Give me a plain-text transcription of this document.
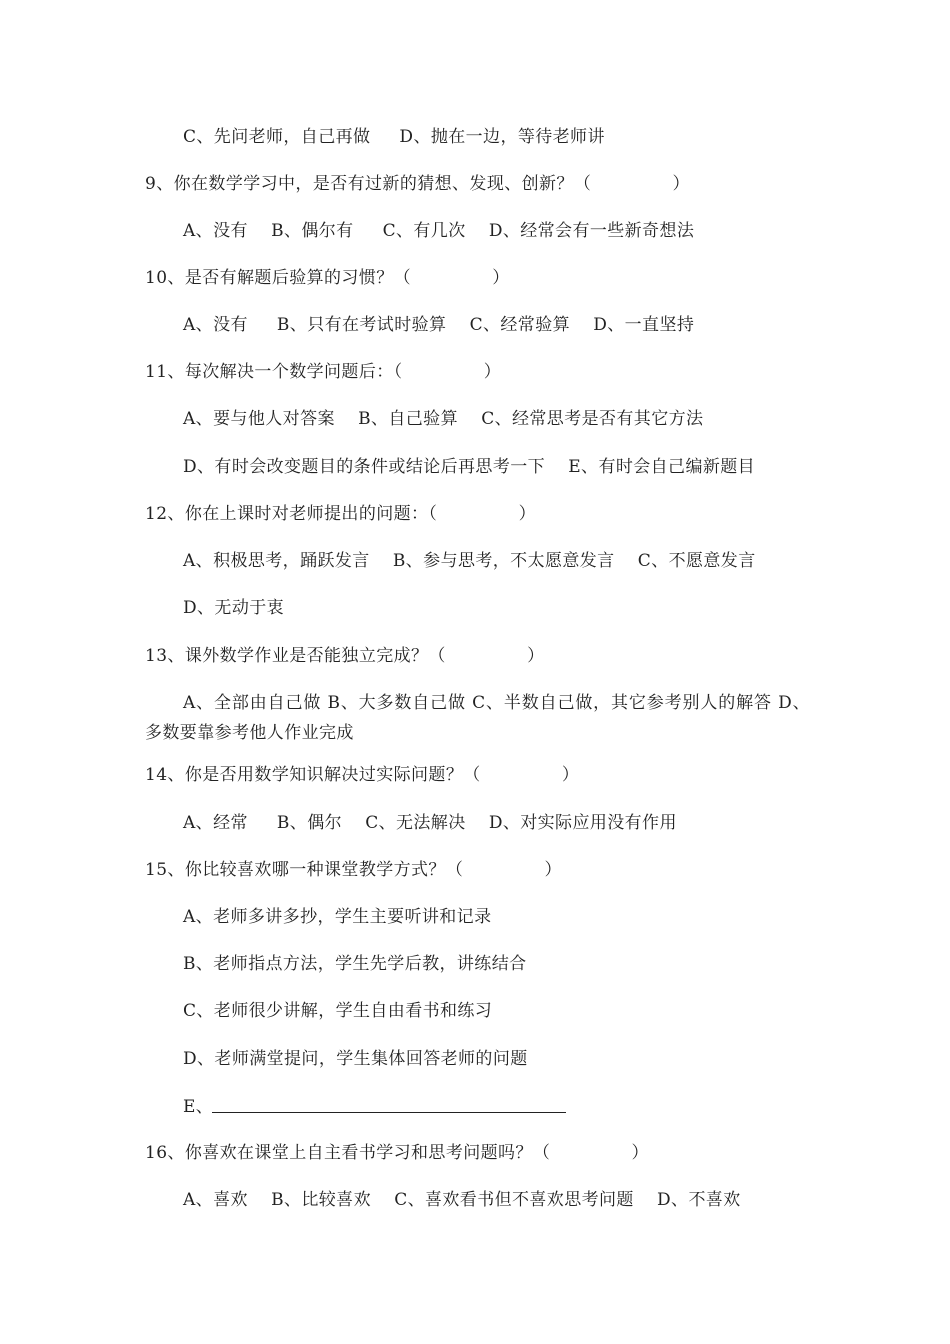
C、先问老师，自己再做     D、抛在一边，等待老师讲
9、你在数学学习中，是否有过新的猜想、发现、创新？（              ）
A、没有    B、偶尔有     C、有几次    D、经常会有一些新奇想法
10、是否有解题后验算的习惯？（              ）
A、没有     B、只有在考试时验算    C、经常验算    D、一直坚持
11、每次解决一个数学问题后：（              ）
A、要与他人对答案    B、自己验算    C、经常思考是否有其它方法
D、有时会改变题目的条件或结论后再思考一下    E、有时会自己编新题目
12、你在上课时对老师提出的问题：（              ）
A、积极思考，踊跃发言    B、参与思考，不太愿意发言    C、不愿意发言
D、无动于衷
13、课外数学作业是否能独立完成？（              ）
A、全部由自己做 B、大多数自己做 C、半数自己做，其它参考别人的解答 D、多数要靠参考他人作业完成
14、你是否用数学知识解决过实际问题？（              ）
A、经常     B、偶尔    C、无法解决    D、对实际应用没有作用
15、你比较喜欢哪一种课堂教学方式？（              ）
A、老师多讲多抄，学生主要听讲和记录
B、老师指点方法，学生先学后教，讲练结合
C、老师很少讲解，学生自由看书和练习
D、老师满堂提问，学生集体回答老师的问题
E、
16、你喜欢在课堂上自主看书学习和思考问题吗？（              ）
A、喜欢    B、比较喜欢    C、喜欢看书但不喜欢思考问题    D、不喜欢
